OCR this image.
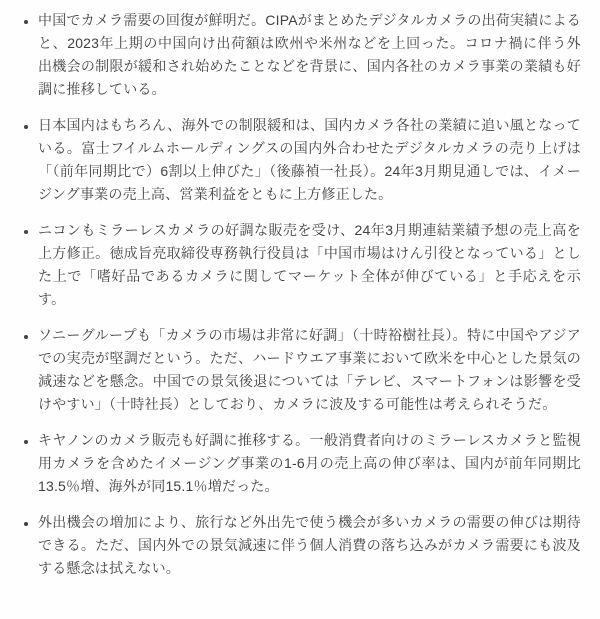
• 中国でカメラ需要の回復が鮮明だ。CIPAがまとめたデジタルカメラの出荷実績によると、2023年上期の中国向け出荷額は欧州や米州などを上回った。コロナ禍に伴う外出機会の制限が緩和され始めたことなどを背景に、国内各社のカメラ事業の業績も好調に推移している。
• 日本国内はもちろん、海外での制限緩和は、国内カメラ各社の業績に追い風となっている。富士フイルムホールディングスの国内外合わせたデジタルカメラの売り上げは「（前年同期比で）6割以上伸びた」（後藤禎一社長）。24年3月期見通しでは、イメージング事業の売上高、営業利益をともに上方修正した。
• ニコンもミラーレスカメラの好調な販売を受け、24年3月期連結業績予想の売上高を上方修正。徳成旨亮取締役専務執行役員は「中国市場はけん引役となっている」とした上で「嗜好品であるカメラに関してマーケット全体が伸びている」と手応えを示す。
• ソニーグループも「カメラの市場は非常に好調」（十時裕樹社長）。特に中国やアジアでの実売が堅調だという。ただ、ハードウエア事業において欧米を中心とした景気の減速などを懸念。中国での景気後退については「テレビ、スマートフォンは影響を受けやすい」（十時社長）としており、カメラに波及する可能性は考えられそうだ。
• キヤノンのカメラ販売も好調に推移する。一般消費者向けのミラーレスカメラと監視用カメラを含めたイメージング事業の1-6月の売上高の伸び率は、国内が前年同期比13.5％増、海外が同15.1％増だった。
• 外出機会の増加により、旅行など外出先で使う機会が多いカメラの需要の伸びは期待できる。ただ、国内外での景気減速に伴う個人消費の落ち込みがカメラ需要にも波及する懸念は拭えない。
